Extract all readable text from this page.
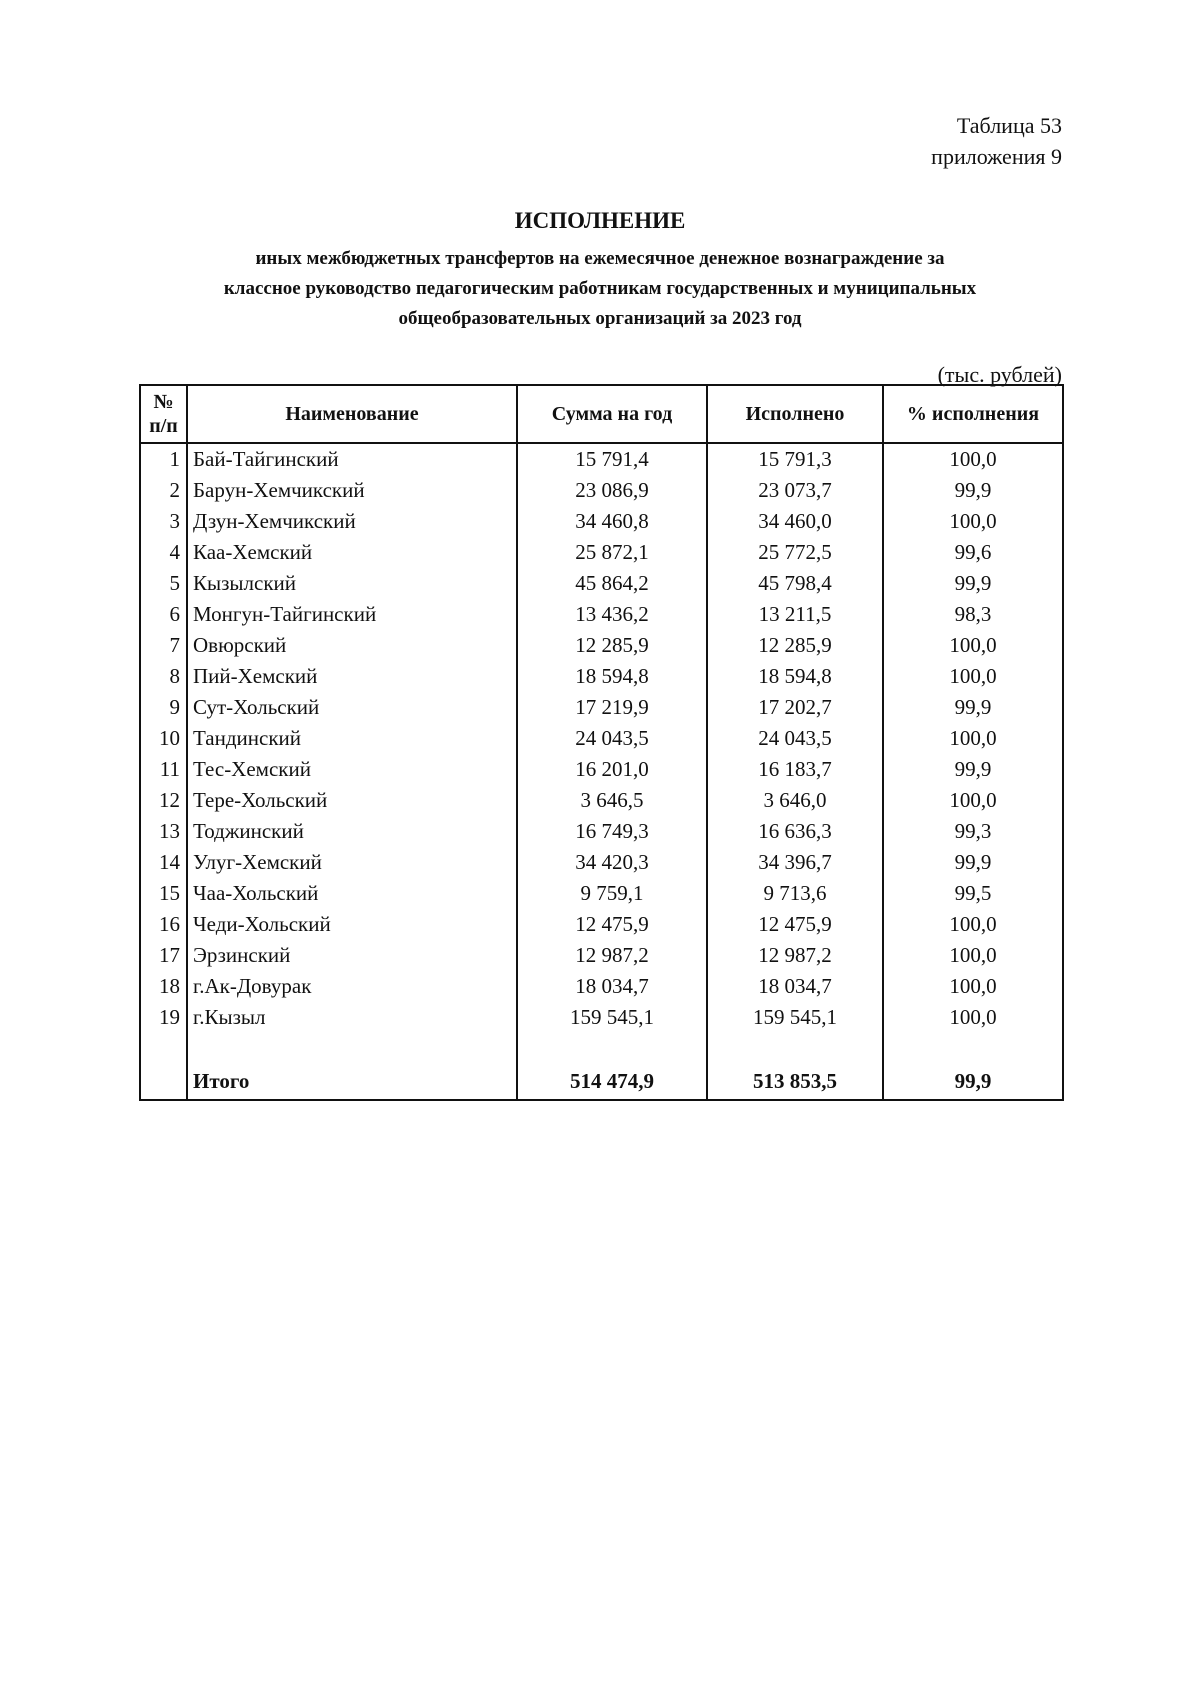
Таблица 53
приложения 9
ИСПОЛНЕНИЕ
иных межбюджетных трансфертов на ежемесячное денежное вознаграждение за
классное руководство педагогическим работникам государственных и муниципальных
общеобразовательных организаций за 2023 год
(тыс. рублей)
№
п/п	Наименование	Сумма на год	Исполнено	% исполнения
1	Бай-Тайгинский	15 791,4	15 791,3	100,0
2	Барун-Хемчикский	23 086,9	23 073,7	99,9
3	Дзун-Хемчикский	34 460,8	34 460,0	100,0
4	Каа-Хемский	25 872,1	25 772,5	99,6
5	Кызылский	45 864,2	45 798,4	99,9
6	Монгун-Тайгинский	13 436,2	13 211,5	98,3
7	Овюрский	12 285,9	12 285,9	100,0
8	Пий-Хемский	18 594,8	18 594,8	100,0
9	Сут-Хольский	17 219,9	17 202,7	99,9
10	Тандинский	24 043,5	24 043,5	100,0
11	Тес-Хемский	16 201,0	16 183,7	99,9
12	Тере-Хольский	3 646,5	3 646,0	100,0
13	Тоджинский	16 749,3	16 636,3	99,3
14	Улуг-Хемский	34 420,3	34 396,7	99,9
15	Чаа-Хольский	9 759,1	9 713,6	99,5
16	Чеди-Хольский	12 475,9	12 475,9	100,0
17	Эрзинский	12 987,2	12 987,2	100,0
18	г.Ак-Довурак	18 034,7	18 034,7	100,0
19	г.Кызыл	159 545,1	159 545,1	100,0

	Итого	514 474,9	513 853,5	99,9
